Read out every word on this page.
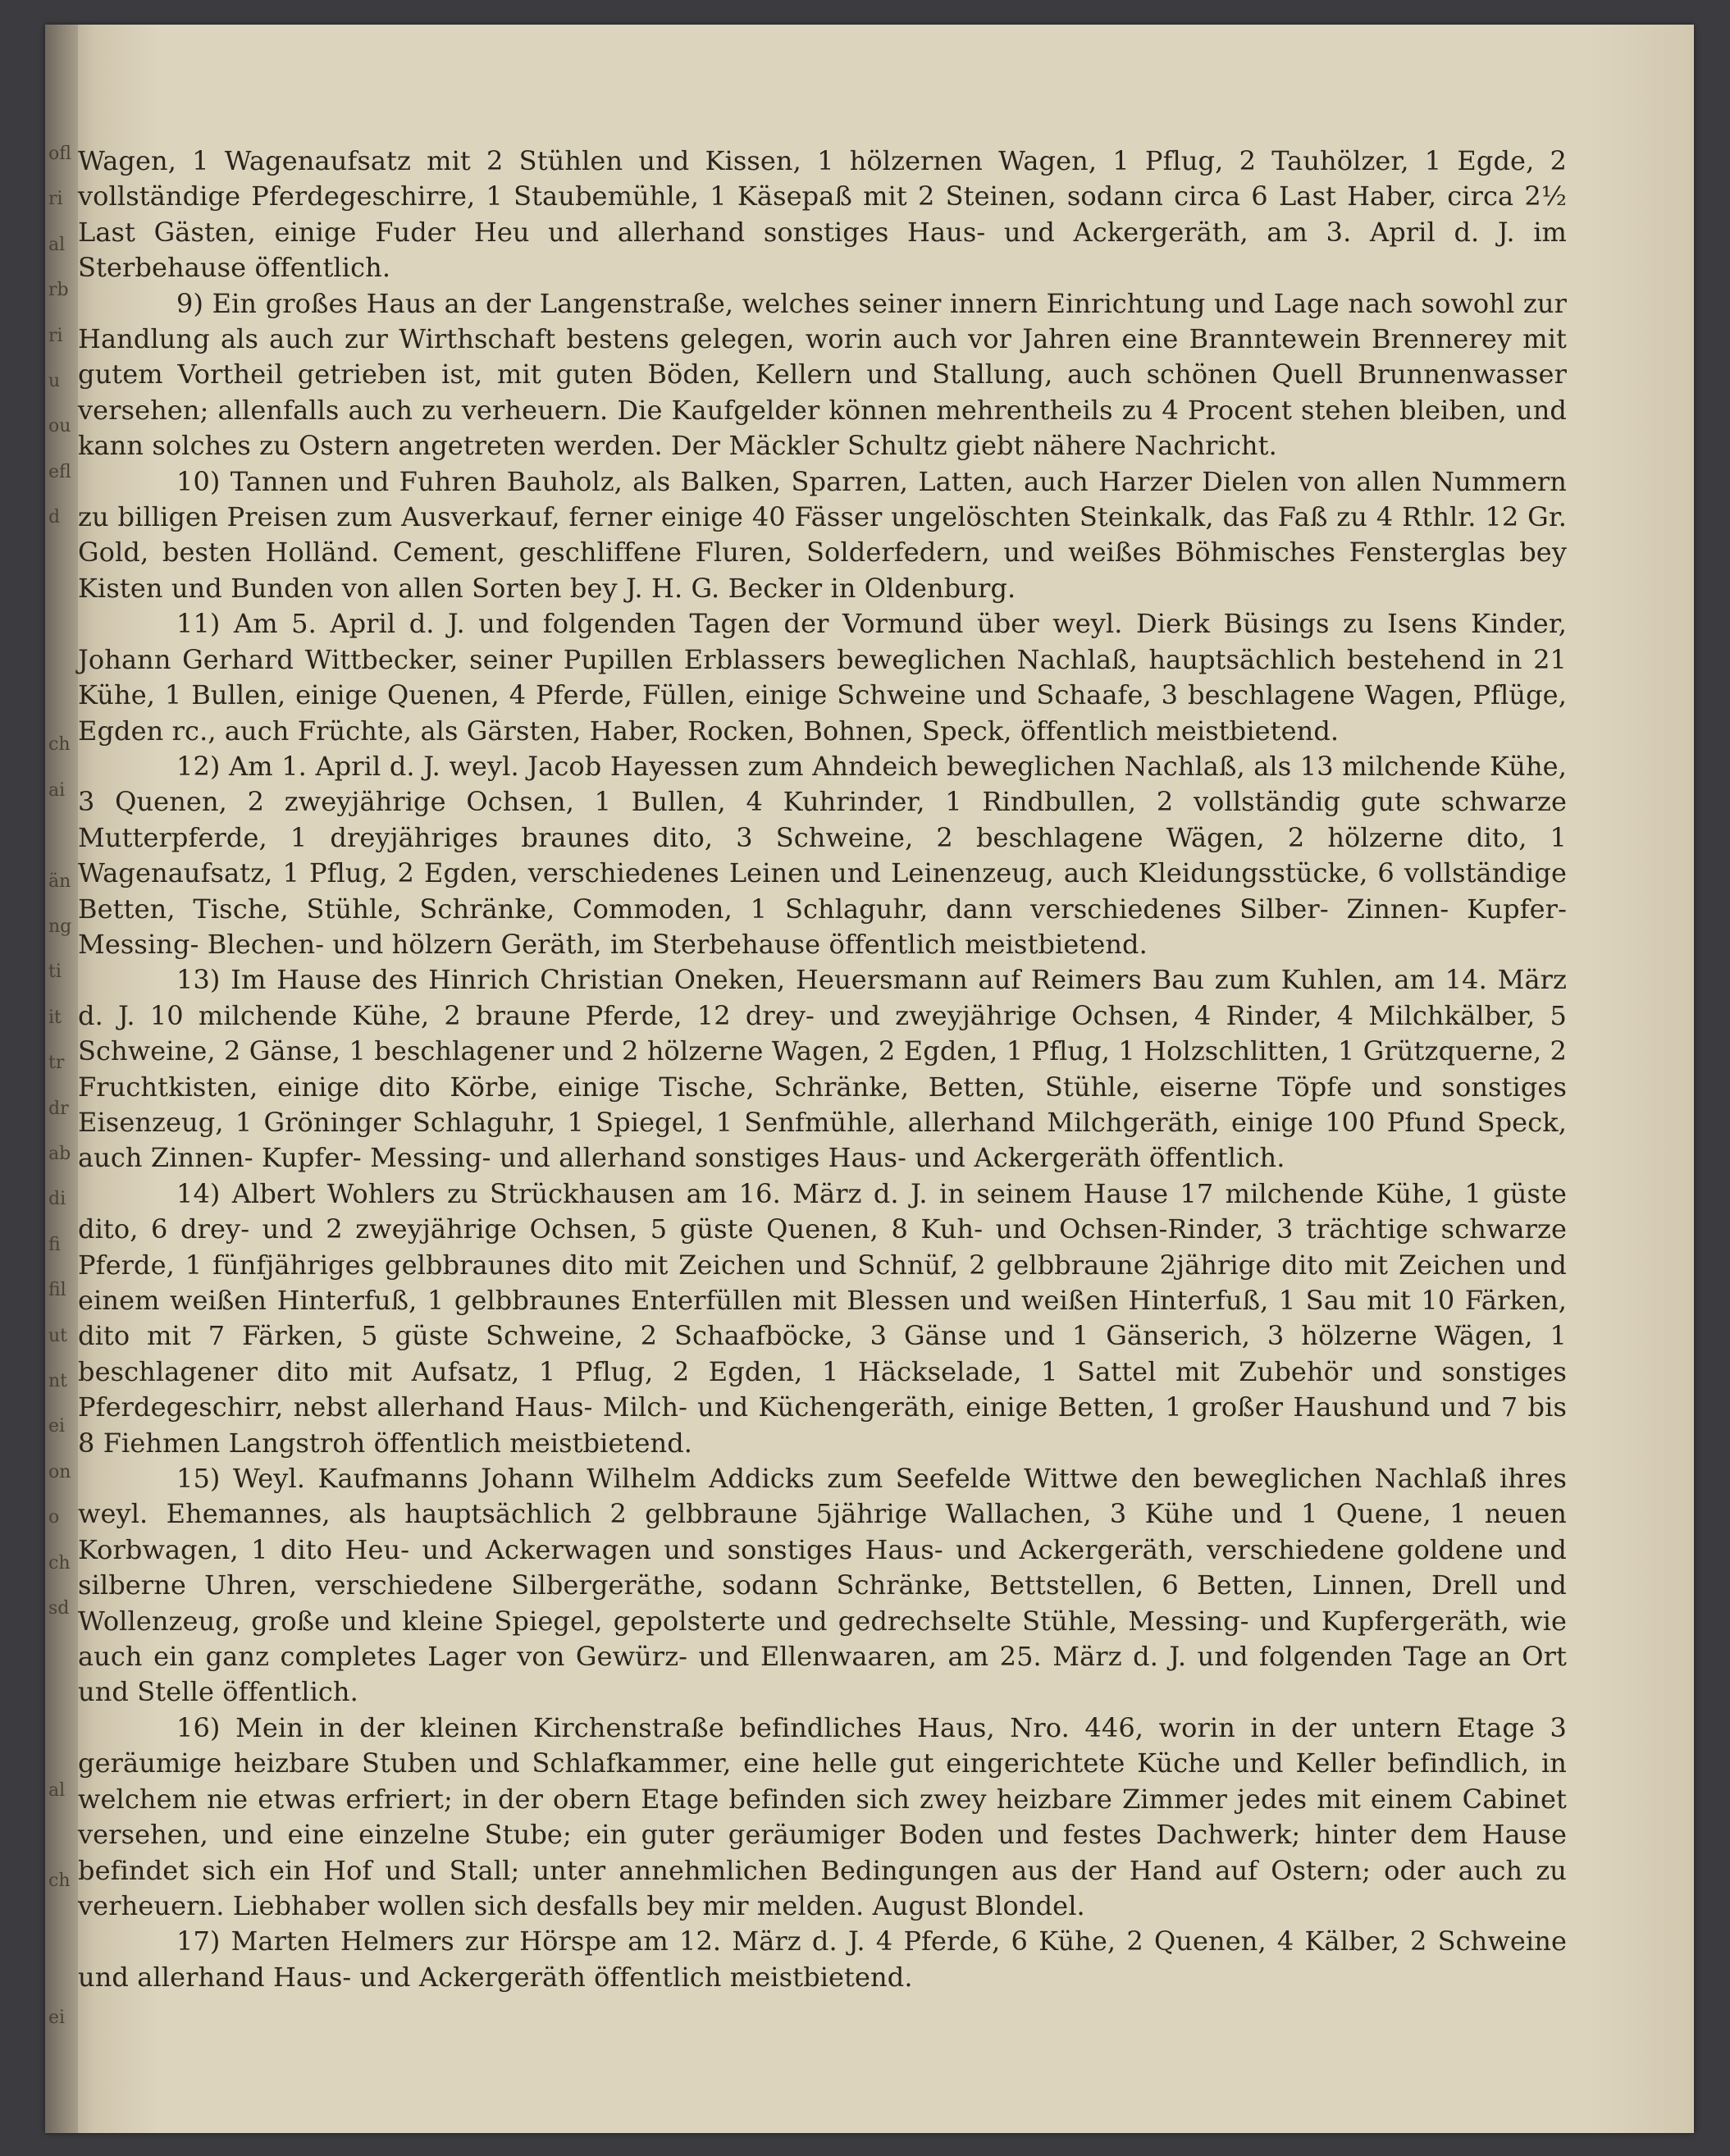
ofl
ri
al
rb
ri
u
ou
efl
d

ch
ai

än
ng
ti
it
tr
dr
ab
di
fi
fil
ut
nt
ei
on
o
ch
sd

al

ch

ei

Wagen, 1 Wagenaufsatz mit 2 Stühlen und Kissen, 1 hölzernen Wagen, 1 Pflug, 2 Tauhölzer, 1 Egde, 2 vollständige Pferdegeschirre, 1 Staubemühle, 1 Käsepaß mit 2 Steinen, sodann circa 6 Last Haber, circa 2½ Last Gästen, einige Fuder Heu und allerhand sonstiges Haus- und Ackergeräth, am 3. April d. J. im Sterbehause öffentlich.

9) Ein großes Haus an der Langenstraße, welches seiner innern Einrichtung und Lage nach sowohl zur Handlung als auch zur Wirthschaft bestens gelegen, worin auch vor Jahren eine Branntewein Brennerey mit gutem Vortheil getrieben ist, mit guten Böden, Kellern und Stallung, auch schönen Quell Brunnenwasser versehen; allenfalls auch zu verheuern. Die Kaufgelder können mehrentheils zu 4 Procent stehen bleiben, und kann solches zu Ostern angetreten werden. Der Mäckler Schultz giebt nähere Nachricht.

10) Tannen und Fuhren Bauholz, als Balken, Sparren, Latten, auch Harzer Dielen von allen Nummern zu billigen Preisen zum Ausverkauf, ferner einige 40 Fässer ungelöschten Steinkalk, das Faß zu 4 Rthlr. 12 Gr. Gold, besten Holländ. Cement, geschliffene Fluren, Solderfedern, und weißes Böhmisches Fensterglas bey Kisten und Bunden von allen Sorten bey J. H. G. Becker in Oldenburg.

11) Am 5. April d. J. und folgenden Tagen der Vormund über weyl. Dierk Büsings zu Isens Kinder, Johann Gerhard Wittbecker, seiner Pupillen Erblassers beweglichen Nachlaß, hauptsächlich bestehend in 21 Kühe, 1 Bullen, einige Quenen, 4 Pferde, Füllen, einige Schweine und Schaafe, 3 beschlagene Wagen, Pflüge, Egden rc., auch Früchte, als Gärsten, Haber, Rocken, Bohnen, Speck, öffentlich meistbietend.

12) Am 1. April d. J. weyl. Jacob Hayessen zum Ahndeich beweglichen Nachlaß, als 13 milchende Kühe, 3 Quenen, 2 zweyjährige Ochsen, 1 Bullen, 4 Kuhrinder, 1 Rindbullen, 2 vollständig gute schwarze Mutterpferde, 1 dreyjähriges braunes dito, 3 Schweine, 2 beschlagene Wägen, 2 hölzerne dito, 1 Wagenaufsatz, 1 Pflug, 2 Egden, verschiedenes Leinen und Leinenzeug, auch Kleidungsstücke, 6 vollständige Betten, Tische, Stühle, Schränke, Commoden, 1 Schlaguhr, dann verschiedenes Silber- Zinnen- Kupfer- Messing- Blechen- und hölzern Geräth, im Sterbehause öffentlich meistbietend.

13) Im Hause des Hinrich Christian Oneken, Heuersmann auf Reimers Bau zum Kuhlen, am 14. März d. J. 10 milchende Kühe, 2 braune Pferde, 12 drey- und zweyjährige Ochsen, 4 Rinder, 4 Milchkälber, 5 Schweine, 2 Gänse, 1 beschlagener und 2 hölzerne Wagen, 2 Egden, 1 Pflug, 1 Holzschlitten, 1 Grützquerne, 2 Fruchtkisten, einige dito Körbe, einige Tische, Schränke, Betten, Stühle, eiserne Töpfe und sonstiges Eisenzeug, 1 Gröninger Schlaguhr, 1 Spiegel, 1 Senfmühle, allerhand Milchgeräth, einige 100 Pfund Speck, auch Zinnen- Kupfer- Messing- und allerhand sonstiges Haus- und Ackergeräth öffentlich.

14) Albert Wohlers zu Strückhausen am 16. März d. J. in seinem Hause 17 milchende Kühe, 1 güste dito, 6 drey- und 2 zweyjährige Ochsen, 5 güste Quenen, 8 Kuh- und Ochsen-Rinder, 3 trächtige schwarze Pferde, 1 fünfjähriges gelbbraunes dito mit Zeichen und Schnüf, 2 gelbbraune 2jährige dito mit Zeichen und einem weißen Hinterfuß, 1 gelbbraunes Enterfüllen mit Blessen und weißen Hinterfuß, 1 Sau mit 10 Färken, dito mit 7 Färken, 5 güste Schweine, 2 Schaafböcke, 3 Gänse und 1 Gänserich, 3 hölzerne Wägen, 1 beschlagener dito mit Aufsatz, 1 Pflug, 2 Egden, 1 Häckselade, 1 Sattel mit Zubehör und sonstiges Pferdegeschirr, nebst allerhand Haus- Milch- und Küchengeräth, einige Betten, 1 großer Haushund und 7 bis 8 Fiehmen Langstroh öffentlich meistbietend.

15) Weyl. Kaufmanns Johann Wilhelm Addicks zum Seefelde Wittwe den beweglichen Nachlaß ihres weyl. Ehemannes, als hauptsächlich 2 gelbbraune 5jährige Wallachen, 3 Kühe und 1 Quene, 1 neuen Korbwagen, 1 dito Heu- und Ackerwagen und sonstiges Haus- und Ackergeräth, verschiedene goldene und silberne Uhren, verschiedene Silbergeräthe, sodann Schränke, Bettstellen, 6 Betten, Linnen, Drell und Wollenzeug, große und kleine Spiegel, gepolsterte und gedrechselte Stühle, Messing- und Kupfergeräth, wie auch ein ganz completes Lager von Gewürz- und Ellenwaaren, am 25. März d. J. und folgenden Tage an Ort und Stelle öffentlich.

16) Mein in der kleinen Kirchenstraße befindliches Haus, Nro. 446, worin in der untern Etage 3 geräumige heizbare Stuben und Schlafkammer, eine helle gut eingerichtete Küche und Keller befindlich, in welchem nie etwas erfriert; in der obern Etage befinden sich zwey heizbare Zimmer jedes mit einem Cabinet versehen, und eine einzelne Stube; ein guter geräumiger Boden und festes Dachwerk; hinter dem Hause befindet sich ein Hof und Stall; unter annehmlichen Bedingungen aus der Hand auf Ostern; oder auch zu verheuern. Liebhaber wollen sich desfalls bey mir melden. August Blondel.

17) Marten Helmers zur Hörspe am 12. März d. J. 4 Pferde, 6 Kühe, 2 Quenen, 4 Kälber, 2 Schweine und allerhand Haus- und Ackergeräth öffentlich meistbietend.
